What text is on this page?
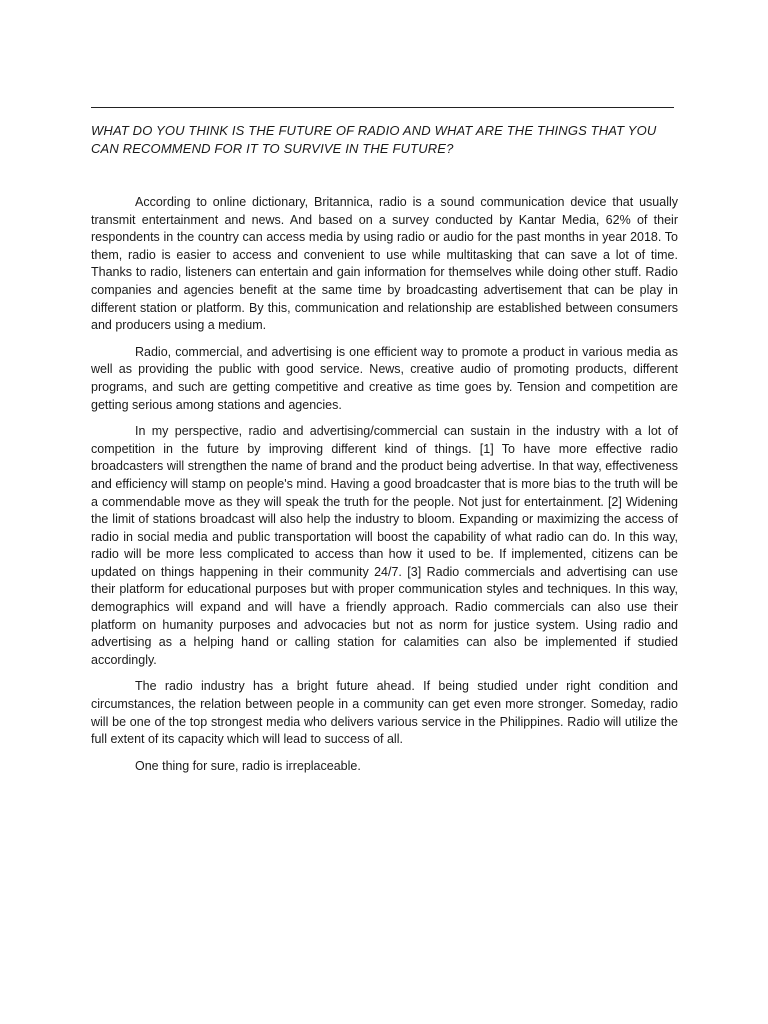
WHAT DO YOU THINK IS THE FUTURE OF RADIO AND WHAT ARE THE THINGS THAT YOU CAN RECOMMEND FOR IT TO SURVIVE IN THE FUTURE?

According to online dictionary, Britannica, radio is a sound communication device that usually transmit entertainment and news. And based on a survey conducted by Kantar Media, 62% of their respondents in the country can access media by using radio or audio for the past months in year 2018. To them, radio is easier to access and convenient to use while multitasking that can save a lot of time. Thanks to radio, listeners can entertain and gain information for themselves while doing other stuff. Radio companies and agencies benefit at the same time by broadcasting advertisement that can be play in different station or platform. By this, communication and relationship are established between consumers and producers using a medium.

Radio, commercial, and advertising is one efficient way to promote a product in various media as well as providing the public with good service. News, creative audio of promoting products, different programs, and such are getting competitive and creative as time goes by. Tension and competition are getting serious among stations and agencies.

In my perspective, radio and advertising/commercial can sustain in the industry with a lot of competition in the future by improving different kind of things. [1] To have more effective radio broadcasters will strengthen the name of brand and the product being advertise. In that way, effectiveness and efficiency will stamp on people's mind. Having a good broadcaster that is more bias to the truth will be a commendable move as they will speak the truth for the people. Not just for entertainment. [2] Widening the limit of stations broadcast will also help the industry to bloom. Expanding or maximizing the access of radio in social media and public transportation will boost the capability of what radio can do. In this way, radio will be more less complicated to access than how it used to be. If implemented, citizens can be updated on things happening in their community 24/7. [3] Radio commercials and advertising can use their platform for educational purposes but with proper communication styles and techniques. In this way, demographics will expand and will have a friendly approach. Radio commercials can also use their platform on humanity purposes and advocacies but not as norm for justice system. Using radio and advertising as a helping hand or calling station for calamities can also be implemented if studied accordingly.

The radio industry has a bright future ahead. If being studied under right condition and circumstances, the relation between people in a community can get even more stronger. Someday, radio will be one of the top strongest media who delivers various service in the Philippines. Radio will utilize the full extent of its capacity which will lead to success of all.

One thing for sure, radio is irreplaceable.
